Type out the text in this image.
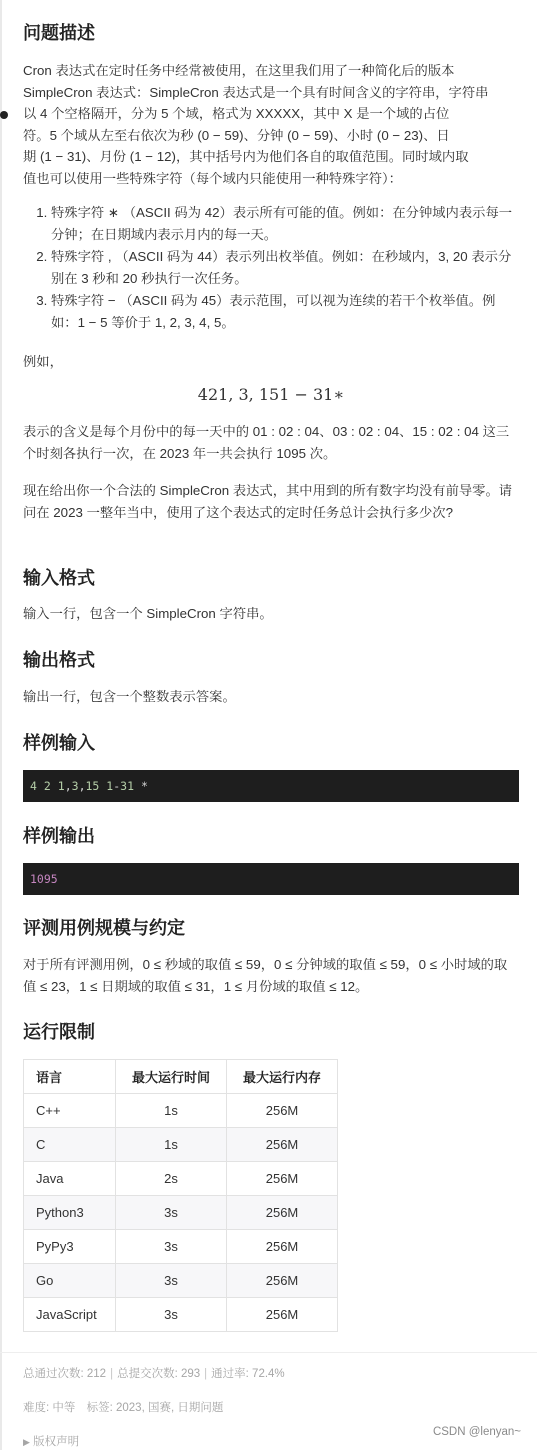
问题描述

Cron 表达式在定时任务中经常被使用，在这里我们用了一种简化后的版本

SimpleCron 表达式：SimpleCron 表达式是一个具有时间含义的字符串，字符串

以 4 个空格隔开，分为 5 个域，格式为 XXXXX，其中 X 是一个域的占位

符。5 个域从左至右依次为秒 (0 − 59)、分钟 (0 − 59)、小时 (0 − 23)、日

期 (1 − 31)、月份 (1 − 12)，其中括号内为他们各自的取值范围。同时域内取

值也可以使用一些特殊字符（每个域内只能使用一种特殊字符）：

1. 特殊字符 ∗ （ASCII 码为 42）表示所有可能的值。例如：在分钟域内表示每一分钟；在日期域内表示月内的每一天。
2. 特殊字符 , （ASCII 码为 44）表示列出枚举值。例如：在秒域内，3, 20 表示分别在 3 秒和 20 秒执行一次任务。
3. 特殊字符 − （ASCII 码为 45）表示范围，可以视为连续的若干个枚举值。例如：1 − 5 等价于 1, 2, 3, 4, 5。

例如，

421, 3, 151 − 31∗

表示的含义是每个月份中的每一天中的 01 : 02 : 04、03 : 02 : 04、15 : 02 : 04 这三个时刻各执行一次，在 2023 年一共会执行 1095 次。

现在给出你一个合法的 SimpleCron 表达式，其中用到的所有数字均没有前导零。请问在 2023 一整年当中，使用了这个表达式的定时任务总计会执行多少次?

输入格式

输入一行，包含一个 SimpleCron 字符串。

输出格式

输出一行，包含一个整数表示答案。

样例输入
4 2 1,3,15 1-31 *
样例输出
1095
评测用例规模与约定

对于所有评测用例，0 ≤ 秒域的取值 ≤ 59，0 ≤ 分钟域的取值 ≤ 59，0 ≤ 小时域的取值 ≤ 23，1 ≤ 日期域的取值 ≤ 31，1 ≤ 月份域的取值 ≤ 12。

运行限制
语言	最大运行时间	最大运行内存
C++	1s	256M
C	1s	256M
Java	2s	256M
Python3	3s	256M
PyPy3	3s	256M
Go	3s	256M
JavaScript	3s	256M
总通过次数: 212 | 总提交次数: 293 | 通过率: 72.4%
难度: 中等 标签: 2023, 国赛, 日期问题
▶ 版权声明
CSDN @lenyan~
